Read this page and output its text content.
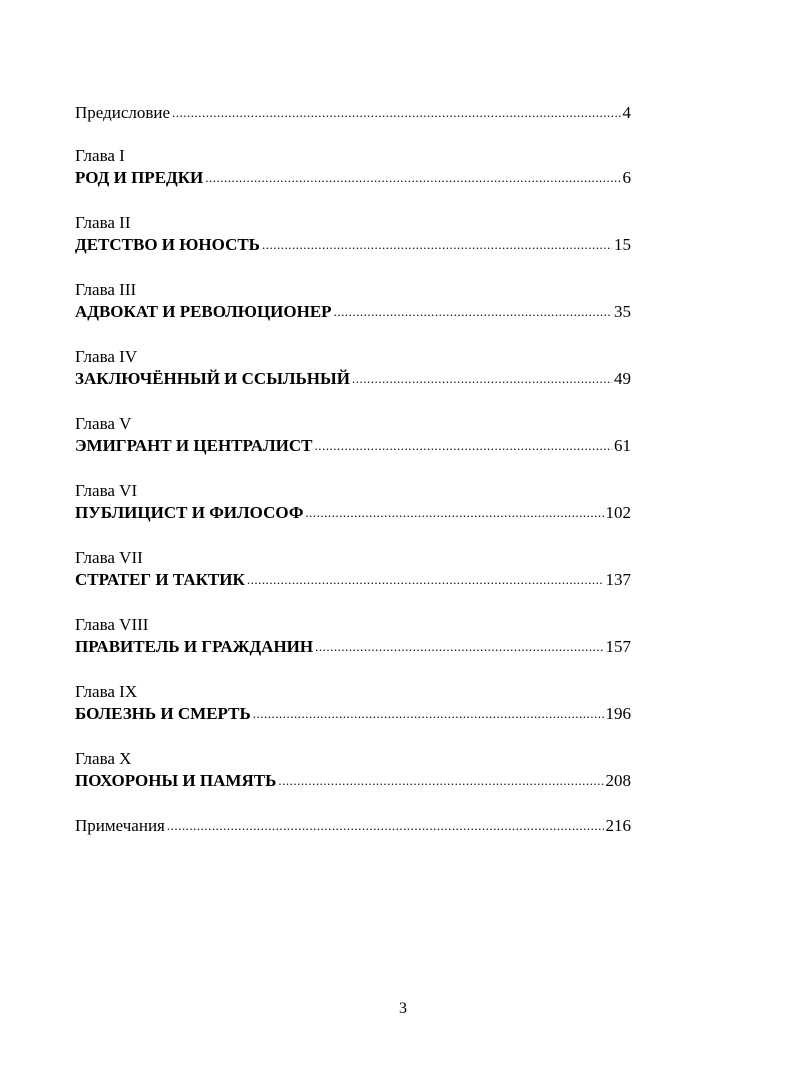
Предисловие .....	4
Глава I
РОД И ПРЕДКИ .....	6
Глава II
ДЕТСТВО И ЮНОСТЬ .....	15
Глава III
АДВОКАТ И РЕВОЛЮЦИОНЕР .....	35
Глава IV
ЗАКЛЮЧЁННЫЙ И ССЫЛЬНЫЙ .....	49
Глава V
ЭМИГРАНТ И ЦЕНТРАЛИСТ .....	61
Глава VI
ПУБЛИЦИСТ И ФИЛОСОФ .....	102
Глава VII
СТРАТЕГ И ТАКТИК .....	137
Глава VIII
ПРАВИТЕЛЬ И ГРАЖДАНИН .....	157
Глава IX
БОЛЕЗНЬ И СМЕРТЬ .....	196
Глава X
ПОХОРОНЫ И ПАМЯТЬ .....	208
Примечания .....	216
3
